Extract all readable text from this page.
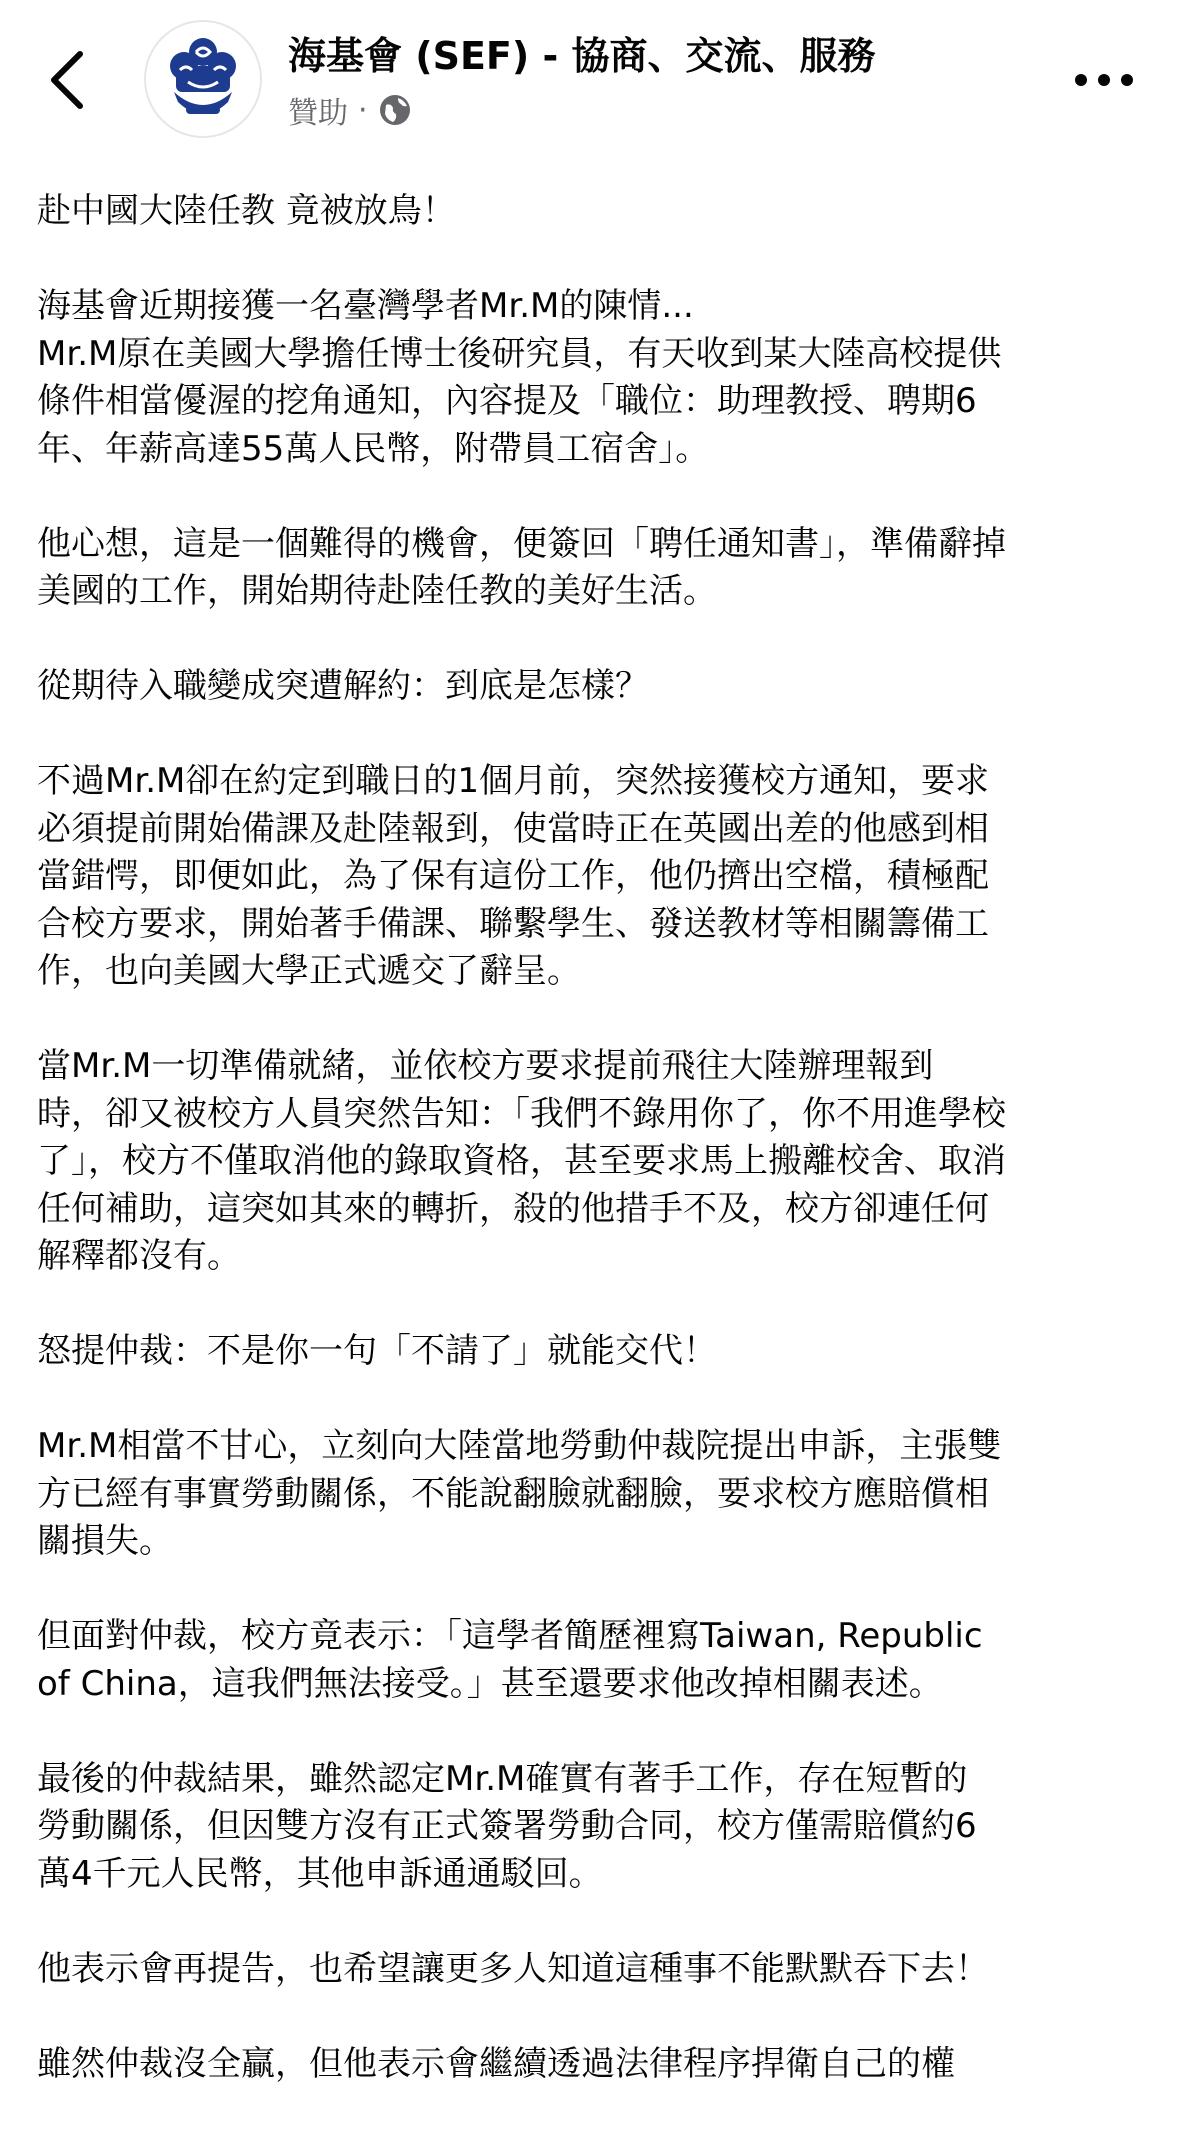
海基會 (SEF) - 協商、交流、服務
贊助 ·

赴中國大陸任教 竟被放鳥！

海基會近期接獲一名臺灣學者Mr.M的陳情...
Mr.M原在美國大學擔任博士後研究員，有天收到某大陸高校提供
條件相當優渥的挖角通知，內容提及「職位：助理教授、聘期6
年、年薪高達55萬人民幣，附帶員工宿舍」。

他心想，這是一個難得的機會，便簽回「聘任通知書」，準備辭掉
美國的工作，開始期待赴陸任教的美好生活。

從期待入職變成突遭解約：到底是怎樣？

不過Mr.M卻在約定到職日的1個月前，突然接獲校方通知，要求
必須提前開始備課及赴陸報到，使當時正在英國出差的他感到相
當錯愕，即便如此，為了保有這份工作，他仍擠出空檔，積極配
合校方要求，開始著手備課、聯繫學生、發送教材等相關籌備工
作，也向美國大學正式遞交了辭呈。

當Mr.M一切準備就緒，並依校方要求提前飛往大陸辦理報到
時，卻又被校方人員突然告知：「我們不錄用你了，你不用進學校
了」，校方不僅取消他的錄取資格，甚至要求馬上搬離校舍、取消
任何補助，這突如其來的轉折，殺的他措手不及，校方卻連任何
解釋都沒有。

怒提仲裁：不是你一句「不請了」就能交代！

Mr.M相當不甘心，立刻向大陸當地勞動仲裁院提出申訴，主張雙
方已經有事實勞動關係，不能說翻臉就翻臉，要求校方應賠償相
關損失。

但面對仲裁，校方竟表示：「這學者簡歷裡寫Taiwan, Republic
of China，這我們無法接受。」甚至還要求他改掉相關表述。

最後的仲裁結果，雖然認定Mr.M確實有著手工作，存在短暫的
勞動關係，但因雙方沒有正式簽署勞動合同，校方僅需賠償約6
萬4千元人民幣，其他申訴通通駁回。

他表示會再提告，也希望讓更多人知道這種事不能默默吞下去！

雖然仲裁沒全贏，但他表示會繼續透過法律程序捍衛自己的權
